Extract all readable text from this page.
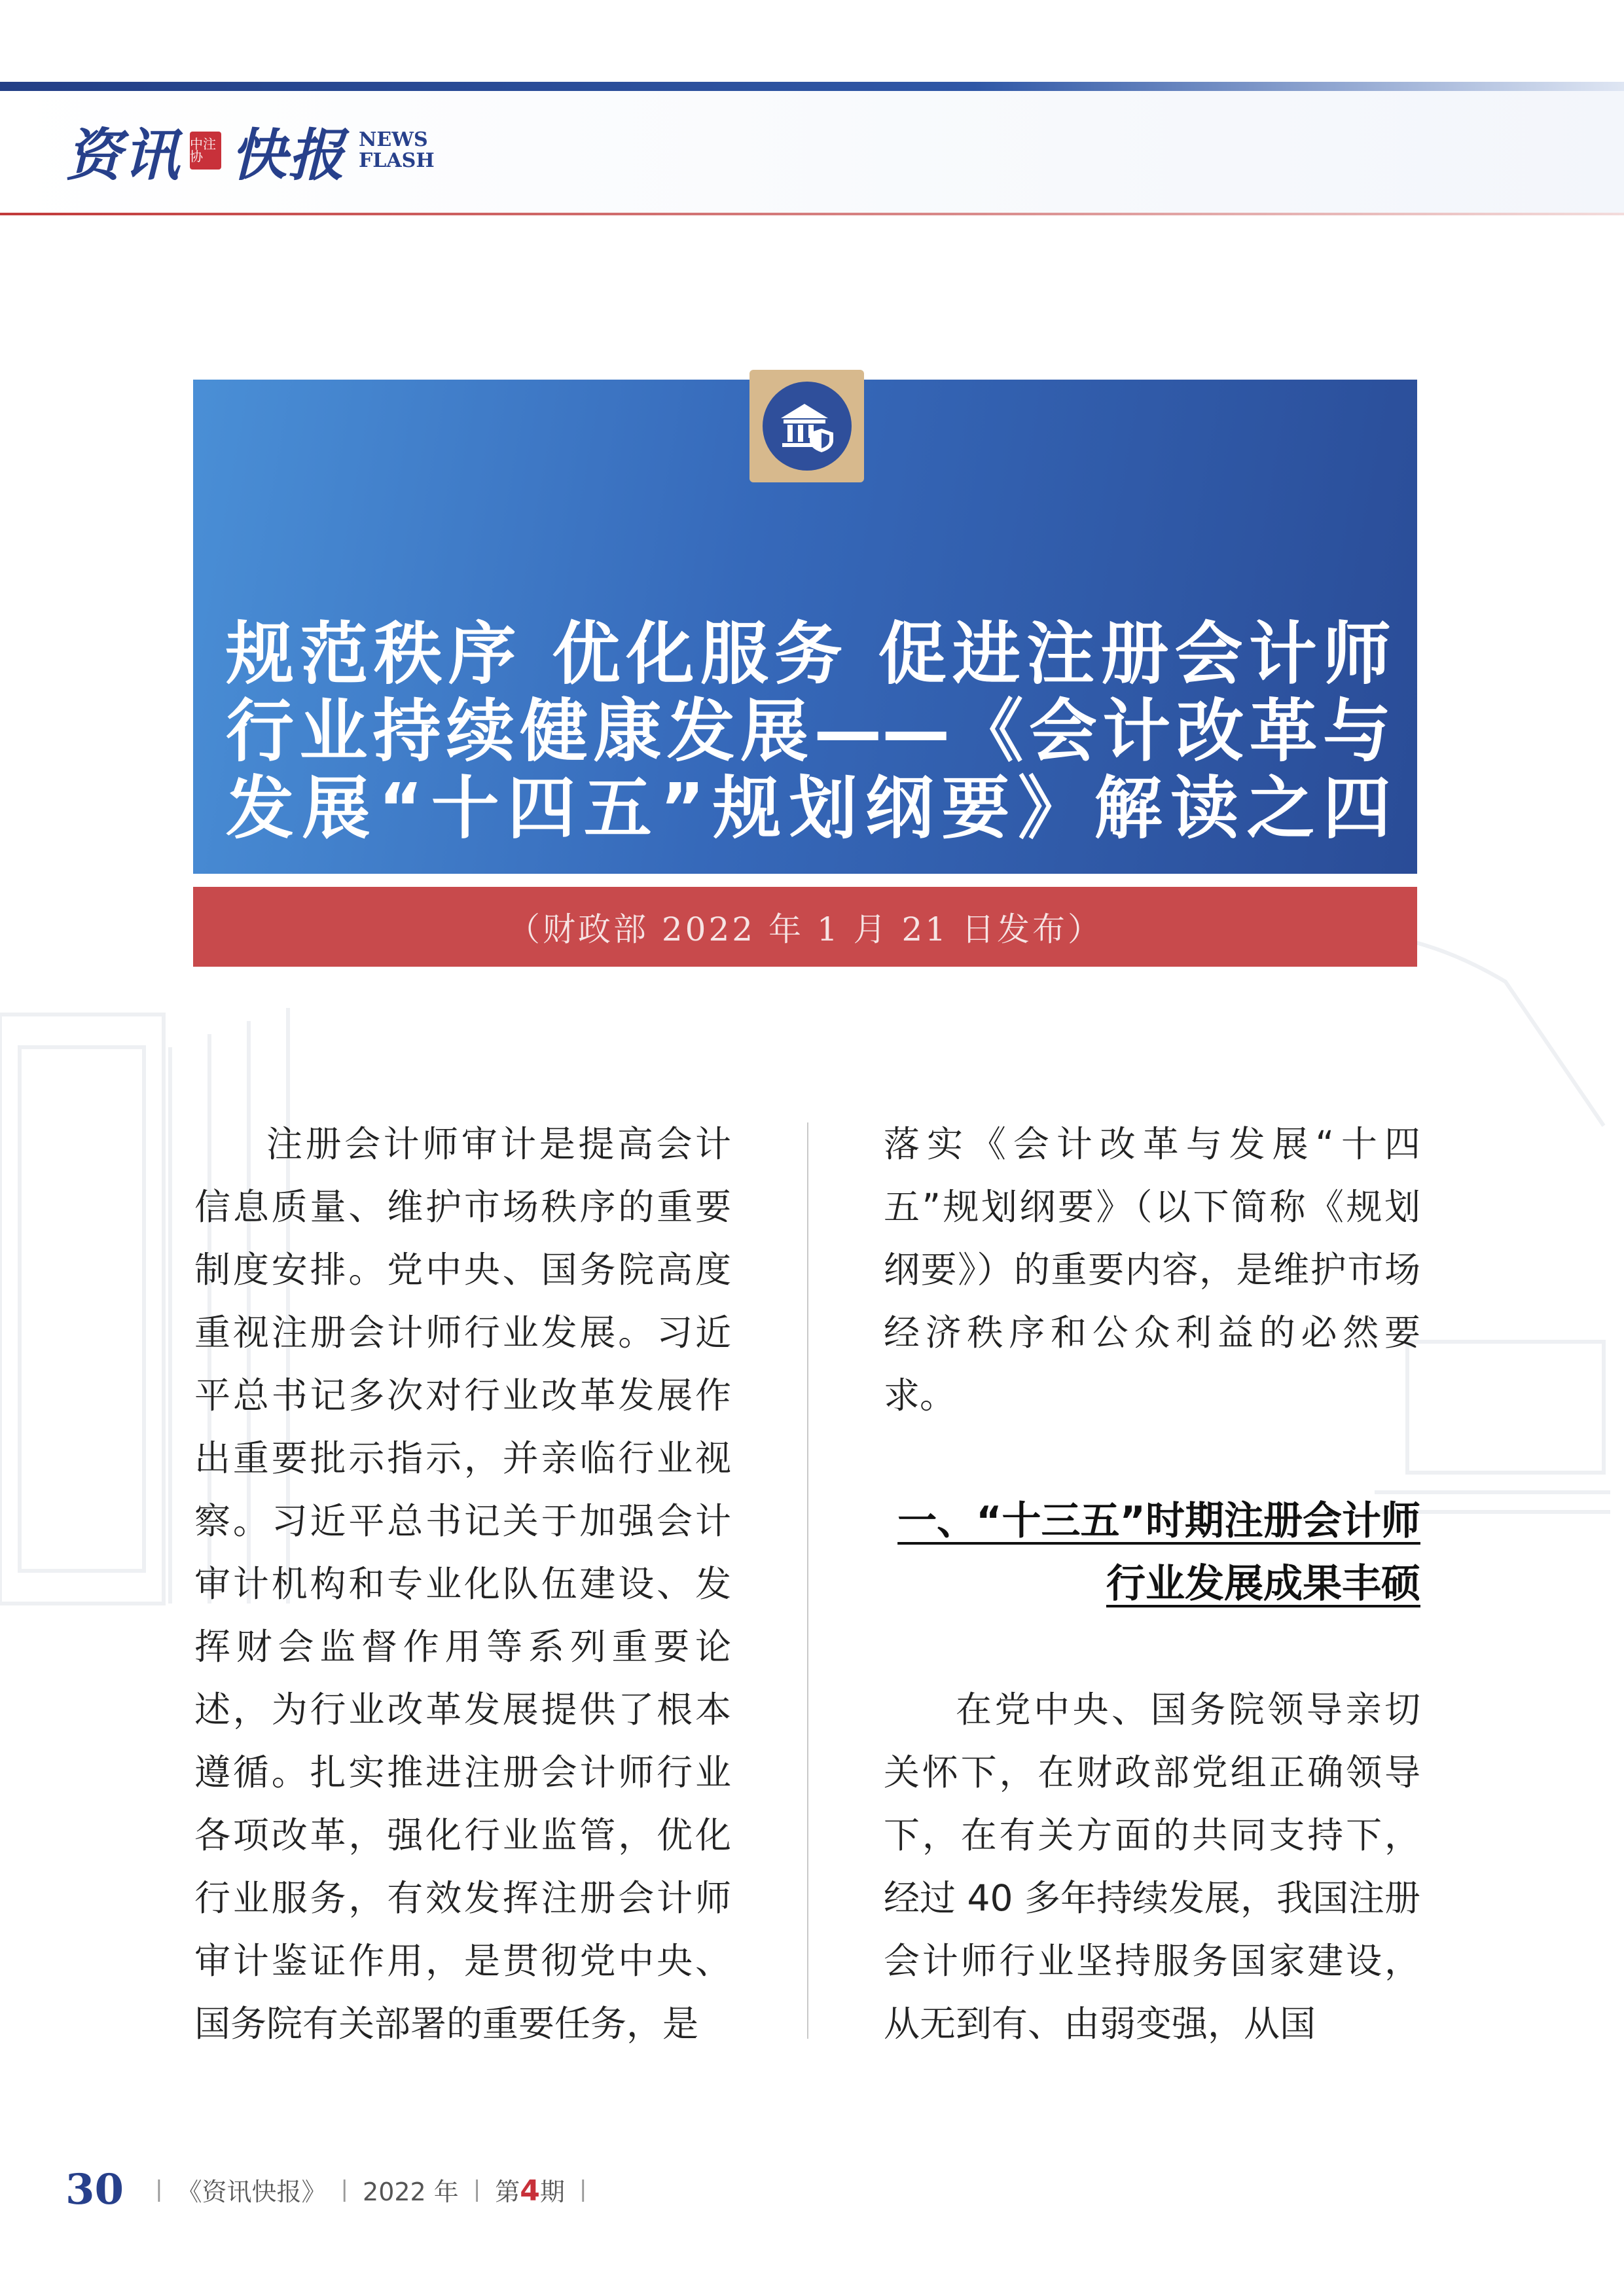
资讯 中注协 快报 NEWS
FLASH
规范秩序 优化服务 促进注册会计师
行业持续健康发展——《会计改革与
发展“十四五”规划纲要》解读之四
（财政部 2022 年 1 月 21 日发布）

注册会计师审计是提高会计信息质量、维护市场秩序的重要制度安排。党中央、国务院高度重视注册会计师行业发展。习近平总书记多次对行业改革发展作出重要批示指示，并亲临行业视察。习近平总书记关于加强会计审计机构和专业化队伍建设、发挥财会监督作用等系列重要论述，为行业改革发展提供了根本遵循。扎实推进注册会计师行业各项改革，强化行业监管，优化行业服务，有效发挥注册会计师审计鉴证作用，是贯彻党中央、国务院有关部署的重要任务，是

落实《会计改革与发展“十四五”规划纲要》（以下简称《规划纲要》）的重要内容，是维护市场经济秩序和公众利益的必然要求。

一、“十三五”时期注册会计师行业发展成果丰硕

在党中央、国务院领导亲切关怀下，在财政部党组正确领导下，在有关方面的共同支持下，经过 40 多年持续发展，我国注册会计师行业坚持服务国家建设，从无到有、由弱变强，从国

30 | 《资讯快报》 | 2022 年 | 第4期 |
